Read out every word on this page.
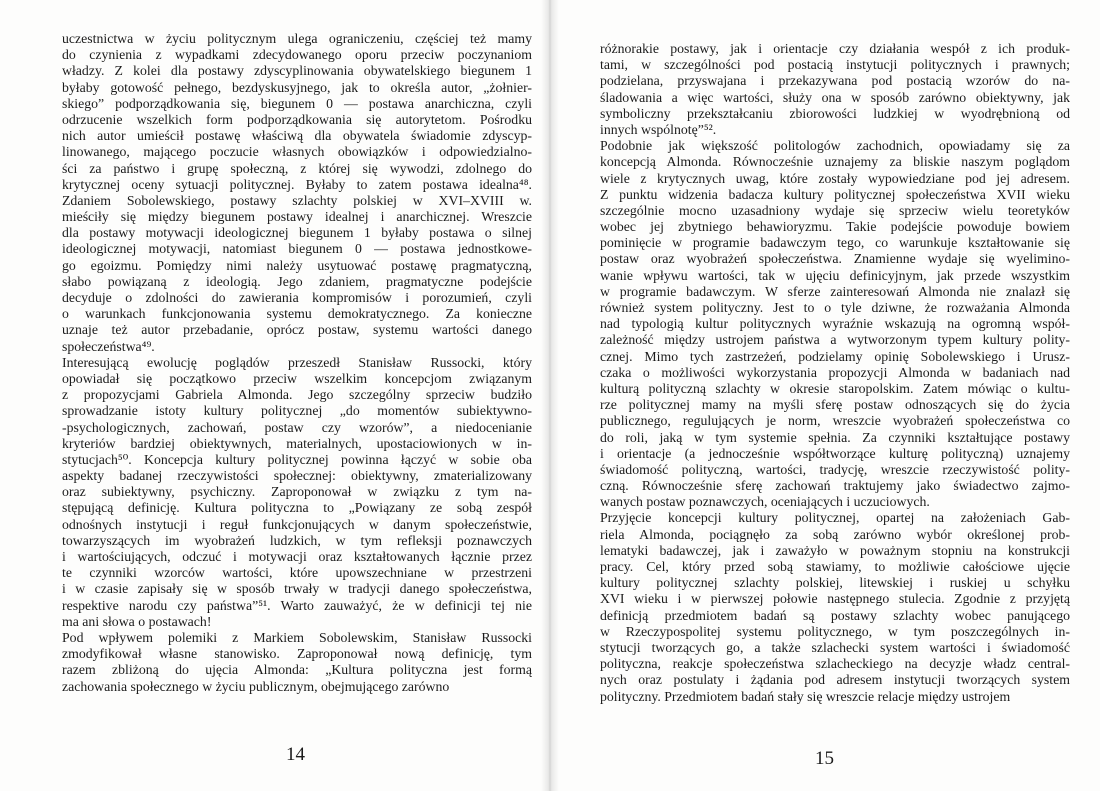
uczestnictwa w życiu politycznym ulega ograniczeniu, częściej też mamy
do czynienia z wypadkami zdecydowanego oporu przeciw poczynaniom
władzy. Z kolei dla postawy zdyscyplinowania obywatelskiego biegunem 1
byłaby gotowość pełnego, bezdyskusyjnego, jak to określa autor, „żołnier-
skiego” podporządkowania się, biegunem 0 — postawa anarchiczna, czyli
odrzucenie wszelkich form podporządkowania się autorytetom. Pośrodku
nich autor umieścił postawę właściwą dla obywatela świadomie zdyscyp-
linowanego, mającego poczucie własnych obowiązków i odpowiedzialno-
ści za państwo i grupę społeczną, z której się wywodzi, zdolnego do
krytycznej oceny sytuacji politycznej. Byłaby to zatem postawa idealna⁴⁸.
Zdaniem Sobolewskiego, postawy szlachty polskiej w XVI–XVIII w.
mieściły się między biegunem postawy idealnej i anarchicznej. Wreszcie
dla postawy motywacji ideologicznej biegunem 1 byłaby postawa o silnej
ideologicznej motywacji, natomiast biegunem 0 — postawa jednostkowe-
go egoizmu. Pomiędzy nimi należy usytuować postawę pragmatyczną,
słabo powiązaną z ideologią. Jego zdaniem, pragmatyczne podejście
decyduje o zdolności do zawierania kompromisów i porozumień, czyli
o warunkach funkcjonowania systemu demokratycznego. Za konieczne
uznaje też autor przebadanie, oprócz postaw, systemu wartości danego
społeczeństwa⁴⁹.
Interesującą ewolucję poglądów przeszedł Stanisław Russocki, który
opowiadał się początkowo przeciw wszelkim koncepcjom związanym
z propozycjami Gabriela Almonda. Jego szczególny sprzeciw budziło
sprowadzanie istoty kultury politycznej „do momentów subiektywno-
-psychologicznych, zachowań, postaw czy wzorów”, a niedocenianie
kryteriów bardziej obiektywnych, materialnych, upostaciowionych w in-
stytucjach⁵⁰. Koncepcja kultury politycznej powinna łączyć w sobie oba
aspekty badanej rzeczywistości społecznej: obiektywny, zmaterializowany
oraz subiektywny, psychiczny. Zaproponował w związku z tym na-
stępującą definicję. Kultura polityczna to „Powiązany ze sobą zespół
odnośnych instytucji i reguł funkcjonujących w danym społeczeństwie,
towarzyszących im wyobrażeń ludzkich, w tym refleksji poznawczych
i wartościujących, odczuć i motywacji oraz kształtowanych łącznie przez
te czynniki wzorców wartości, które upowszechniane w przestrzeni
i w czasie zapisały się w sposób trwały w tradycji danego społeczeństwa,
respektive narodu czy państwa”⁵¹. Warto zauważyć, że w definicji tej nie
ma ani słowa o postawach!
Pod wpływem polemiki z Markiem Sobolewskim, Stanisław Russocki
zmodyfikował własne stanowisko. Zaproponował nową definicję, tym
razem zbliżoną do ujęcia Almonda: „Kultura polityczna jest formą
zachowania społecznego w życiu publicznym, obejmującego zarówno
14
różnorakie postawy, jak i orientacje czy działania wespół z ich produk-
tami, w szczególności pod postacią instytucji politycznych i prawnych;
podzielana, przyswajana i przekazywana pod postacią wzorów do na-
śladowania a więc wartości, służy ona w sposób zarówno obiektywny, jak
symboliczny przekształcaniu zbiorowości ludzkiej w wyodrębnioną od
innych wspólnotę”⁵².
Podobnie jak większość politologów zachodnich, opowiadamy się za
koncepcją Almonda. Równocześnie uznajemy za bliskie naszym poglądom
wiele z krytycznych uwag, które zostały wypowiedziane pod jej adresem.
Z punktu widzenia badacza kultury politycznej społeczeństwa XVII wieku
szczególnie mocno uzasadniony wydaje się sprzeciw wielu teoretyków
wobec jej zbytniego behawioryzmu. Takie podejście powoduje bowiem
pominięcie w programie badawczym tego, co warunkuje kształtowanie się
postaw oraz wyobrażeń społeczeństwa. Znamienne wydaje się wyelimino-
wanie wpływu wartości, tak w ujęciu definicyjnym, jak przede wszystkim
w programie badawczym. W sferze zainteresowań Almonda nie znalazł się
również system polityczny. Jest to o tyle dziwne, że rozważania Almonda
nad typologią kultur politycznych wyraźnie wskazują na ogromną współ-
zależność między ustrojem państwa a wytworzonym typem kultury polity-
cznej. Mimo tych zastrzeżeń, podzielamy opinię Sobolewskiego i Urusz-
czaka o możliwości wykorzystania propozycji Almonda w badaniach nad
kulturą polityczną szlachty w okresie staropolskim. Zatem mówiąc o kultu-
rze politycznej mamy na myśli sferę postaw odnoszących się do życia
publicznego, regulujących je norm, wreszcie wyobrażeń społeczeństwa co
do roli, jaką w tym systemie spełnia. Za czynniki kształtujące postawy
i orientacje (a jednocześnie współtworzące kulturę polityczną) uznajemy
świadomość polityczną, wartości, tradycję, wreszcie rzeczywistość polity-
czną. Równocześnie sferę zachowań traktujemy jako świadectwo zajmo-
wanych postaw poznawczych, oceniających i uczuciowych.
Przyjęcie koncepcji kultury politycznej, opartej na założeniach Gab-
riela Almonda, pociągnęło za sobą zarówno wybór określonej prob-
lematyki badawczej, jak i zaważyło w poważnym stopniu na konstrukcji
pracy. Cel, który przed sobą stawiamy, to możliwie całościowe ujęcie
kultury politycznej szlachty polskiej, litewskiej i ruskiej u schyłku
XVI wieku i w pierwszej połowie następnego stulecia. Zgodnie z przyjętą
definicją przedmiotem badań są postawy szlachty wobec panującego
w Rzeczypospolitej systemu politycznego, w tym poszczególnych in-
stytucji tworzących go, a także szlachecki system wartości i świadomość
polityczna, reakcje społeczeństwa szlacheckiego na decyzje władz central-
nych oraz postulaty i żądania pod adresem instytucji tworzących system
polityczny. Przedmiotem badań stały się wreszcie relacje między ustrojem
15
